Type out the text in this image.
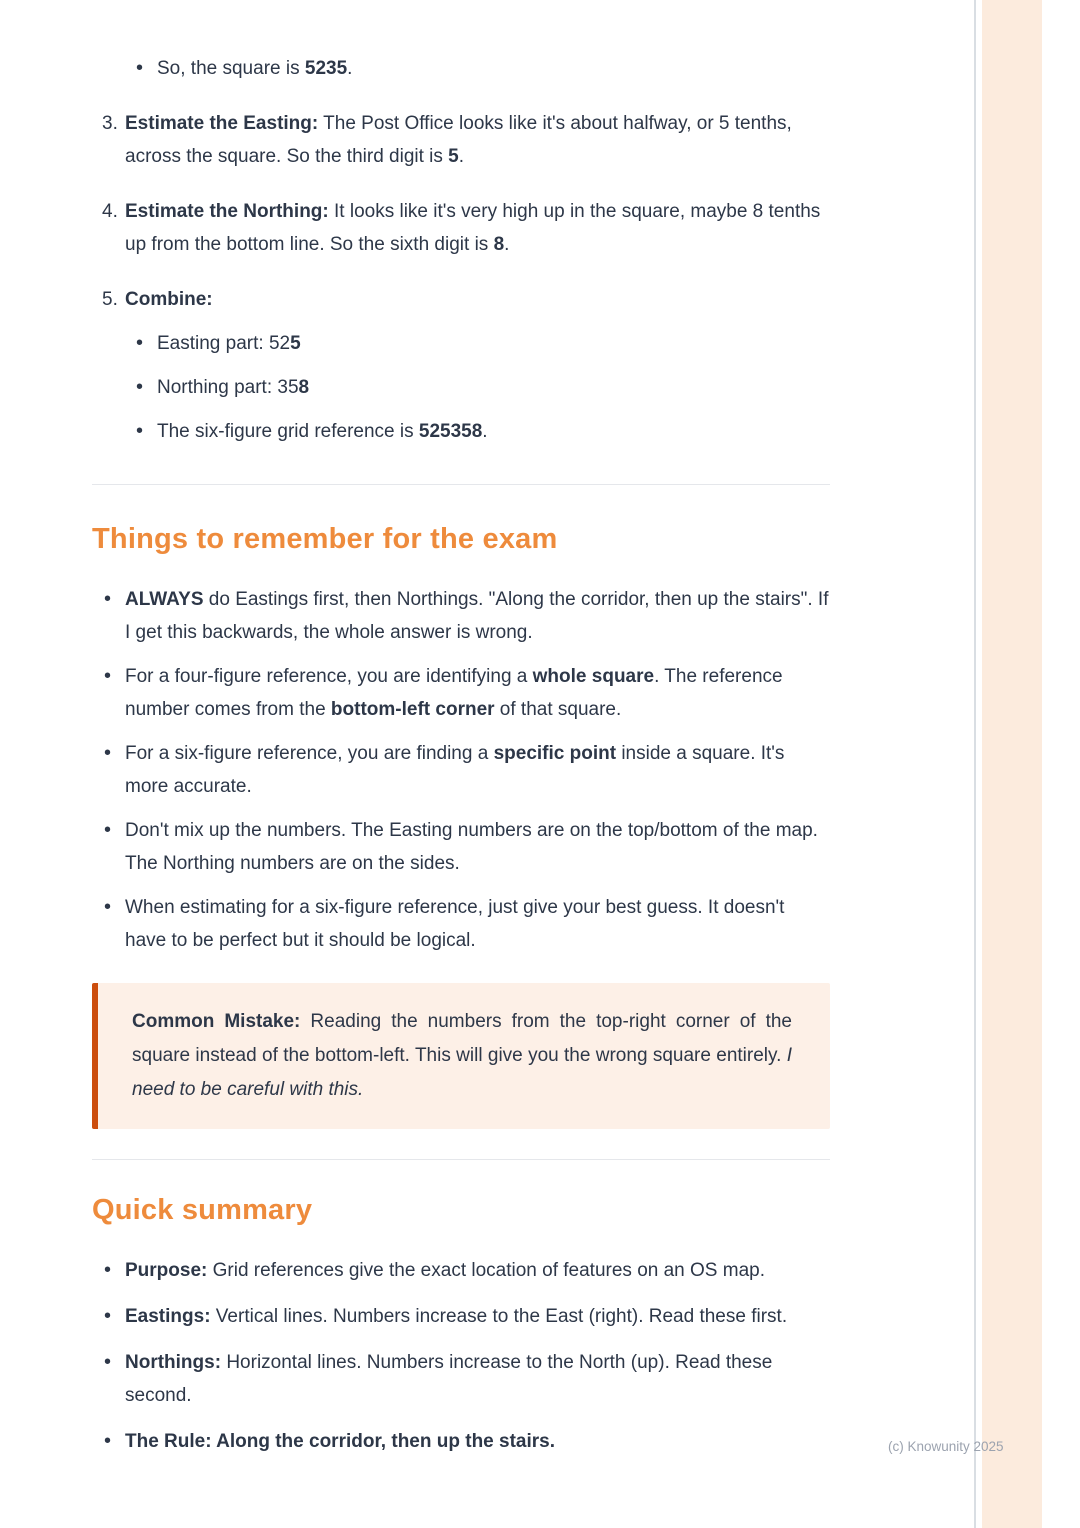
• So, the square is 5235.
3. Estimate the Easting: The Post Office looks like it's about halfway, or 5 tenths, across the square. So the third digit is 5.
4. Estimate the Northing: It looks like it's very high up in the square, maybe 8 tenths up from the bottom line. So the sixth digit is 8.
5. Combine:
• Easting part: 525
• Northing part: 358
• The six-figure grid reference is 525358.
Things to remember for the exam
• ALWAYS do Eastings first, then Northings. "Along the corridor, then up the stairs". If I get this backwards, the whole answer is wrong.
• For a four-figure reference, you are identifying a whole square. The reference number comes from the bottom-left corner of that square.
• For a six-figure reference, you are finding a specific point inside a square. It's more accurate.
• Don't mix up the numbers. The Easting numbers are on the top/bottom of the map. The Northing numbers are on the sides.
• When estimating for a six-figure reference, just give your best guess. It doesn't have to be perfect but it should be logical.

Common Mistake: Reading the numbers from the top-right corner of the square instead of the bottom-left. This will give you the wrong square entirely. I need to be careful with this.

Quick summary
• Purpose: Grid references give the exact location of features on an OS map.
• Eastings: Vertical lines. Numbers increase to the East (right). Read these first.
• Northings: Horizontal lines. Numbers increase to the North (up). Read these second.
• The Rule: Along the corridor, then up the stairs.	(c) Knowunity 2025
